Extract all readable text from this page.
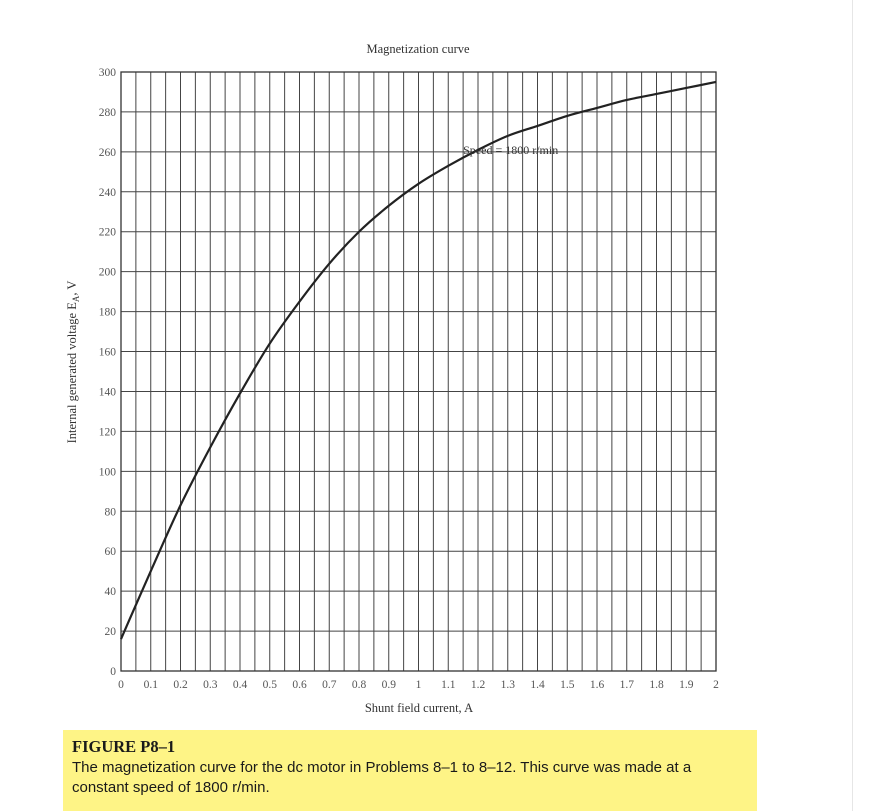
0
20
40
60
80
100
120
140
160
180
200
220
240
260
280
300
0 0.1 0.2 0.3 0.4 0.5 0.6 0.7 0.8 0.9 1 1.1 1.2 1.3 1.4 1.5 1.6 1.7 1.8 1.9 2
Magnetization curve
Shunt field current, A
Internal generated voltage $E_A$, V
Speed = 1800 r/min
FIGURE P8–1
The magnetization curve for the dc motor in Problems 8–1 to 8–12. This curve was made at a constant speed of 1800 r/min.
